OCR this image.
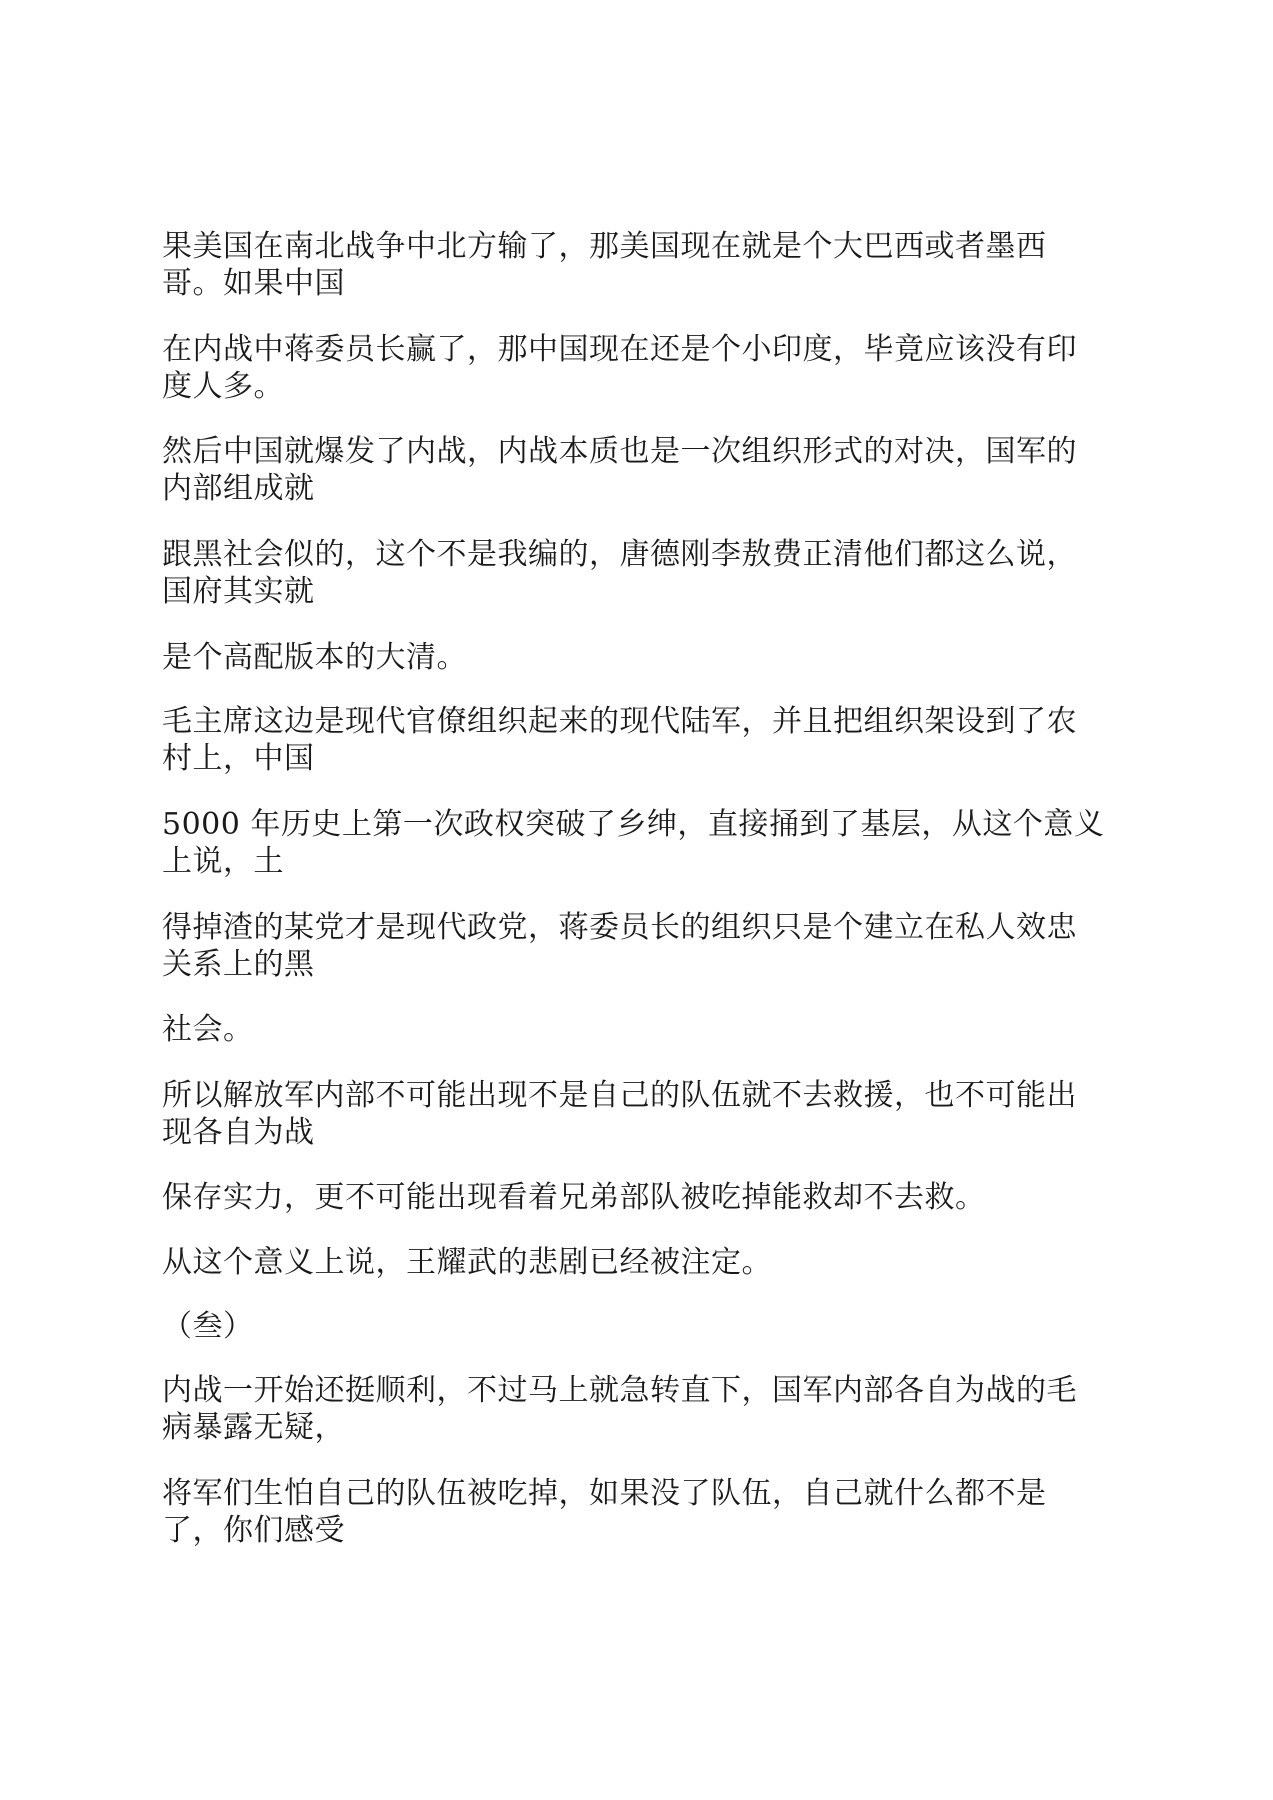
果美国在南北战争中北方输了，那美国现在就是个大巴西或者墨西
哥。如果中国
在内战中蒋委员长赢了，那中国现在还是个小印度，毕竟应该没有印
度人多。
然后中国就爆发了内战，内战本质也是一次组织形式的对决，国军的
内部组成就
跟黑社会似的，这个不是我编的，唐德刚李敖费正清他们都这么说，
国府其实就
是个高配版本的大清。
毛主席这边是现代官僚组织起来的现代陆军，并且把组织架设到了农
村上，中国
5000 年历史上第一次政权突破了乡绅，直接捅到了基层，从这个意义
上说，土
得掉渣的某党才是现代政党，蒋委员长的组织只是个建立在私人效忠
关系上的黑
社会。
所以解放军内部不可能出现不是自己的队伍就不去救援，也不可能出
现各自为战
保存实力，更不可能出现看着兄弟部队被吃掉能救却不去救。
从这个意义上说，王耀武的悲剧已经被注定。
（叁）
内战一开始还挺顺利，不过马上就急转直下，国军内部各自为战的毛
病暴露无疑，
将军们生怕自己的队伍被吃掉，如果没了队伍，自己就什么都不是
了，你们感受
